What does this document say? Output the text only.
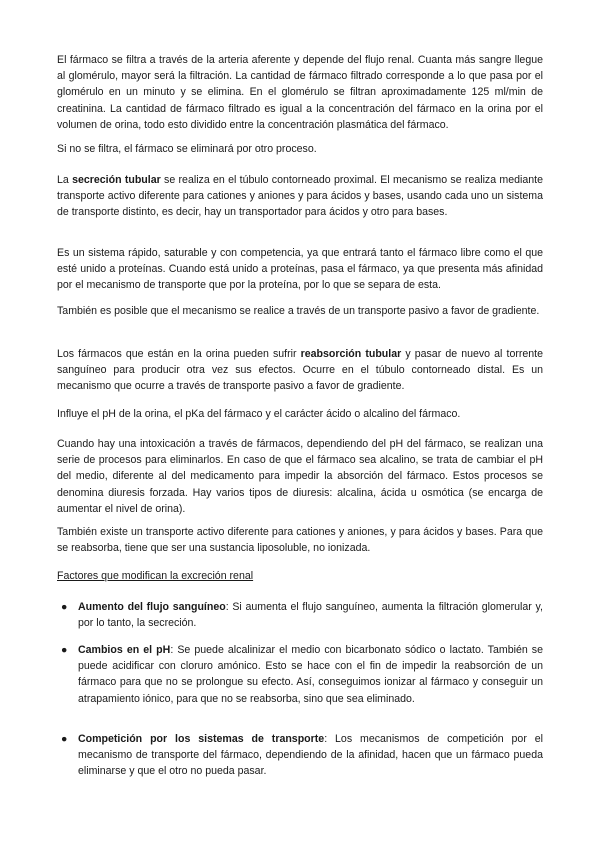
El fármaco se filtra a través de la arteria aferente y depende del flujo renal. Cuanta más sangre llegue al glomérulo, mayor será la filtración. La cantidad de fármaco filtrado corresponde a lo que pasa por el glomérulo en un minuto y se elimina. En el glomérulo se filtran aproximadamente 125 ml/min de creatinina. La cantidad de fármaco filtrado es igual a la concentración del fármaco en la orina por el volumen de orina, todo esto dividido entre la concentración plasmática del fármaco.

Si no se filtra, el fármaco se eliminará por otro proceso.

La secreción tubular se realiza en el túbulo contorneado proximal. El mecanismo se realiza mediante transporte activo diferente para cationes y aniones y para ácidos y bases, usando cada uno un sistema de transporte distinto, es decir, hay un transportador para ácidos y otro para bases.

Es un sistema rápido, saturable y con competencia, ya que entrará tanto el fármaco libre como el que esté unido a proteínas. Cuando está unido a proteínas, pasa el fármaco, ya que presenta más afinidad por el mecanismo de transporte que por la proteína, por lo que se separa de esta.

También es posible que el mecanismo se realice a través de un transporte pasivo a favor de gradiente.

Los fármacos que están en la orina pueden sufrir reabsorción tubular y pasar de nuevo al torrente sanguíneo para producir otra vez sus efectos. Ocurre en el túbulo contorneado distal. Es un mecanismo que ocurre a través de transporte pasivo a favor de gradiente.

Influye el pH de la orina, el pKa del fármaco y el carácter ácido o alcalino del fármaco.

Cuando hay una intoxicación a través de fármacos, dependiendo del pH del fármaco, se realizan una serie de procesos para eliminarlos. En caso de que el fármaco sea alcalino, se trata de cambiar el pH del medio, diferente al del medicamento para impedir la absorción del fármaco. Estos procesos se denomina diuresis forzada. Hay varios tipos de diuresis: alcalina, ácida u osmótica (se encarga de aumentar el nivel de orina).

También existe un transporte activo diferente para cationes y aniones, y para ácidos y bases. Para que se reabsorba, tiene que ser una sustancia liposoluble, no ionizada.

Factores que modifican la excreción renal

● Aumento del flujo sanguíneo: Si aumenta el flujo sanguíneo, aumenta la filtración glomerular y, por lo tanto, la secreción.

● Cambios en el pH: Se puede alcalinizar el medio con bicarbonato sódico o lactato. También se puede acidificar con cloruro amónico. Esto se hace con el fin de impedir la reabsorción de un fármaco para que no se prolongue su efecto. Así, conseguimos ionizar al fármaco y conseguir un atrapamiento iónico, para que no se reabsorba, sino que sea eliminado.

● Competición por los sistemas de transporte: Los mecanismos de competición por el mecanismo de transporte del fármaco, dependiendo de la afinidad, hacen que un fármaco pueda eliminarse y que el otro no pueda pasar.
